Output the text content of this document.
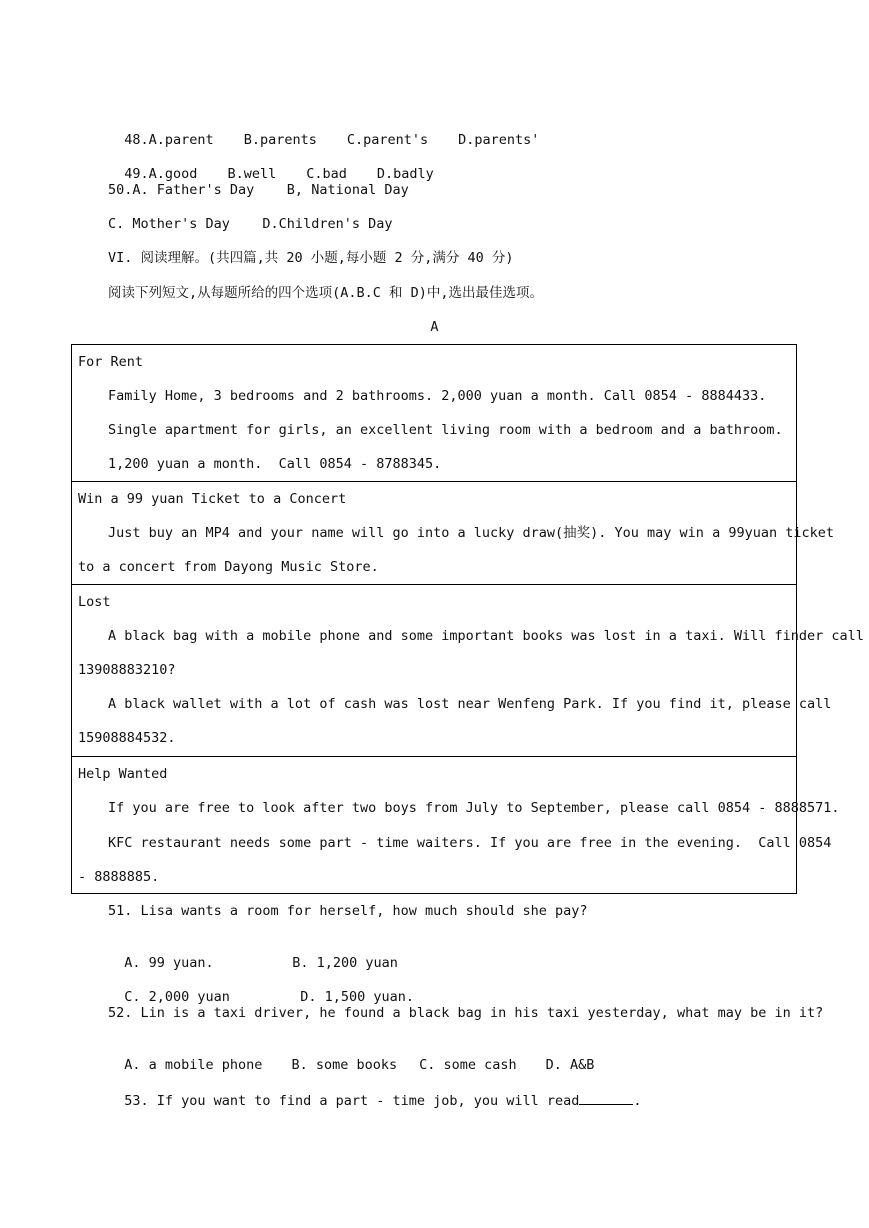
48.A.parent B.parents C.parent's D.parents'

49.A.good B.well C.bad D.badly

50.A. Father's Day    B, National Day
C. Mother's Day    D.Children's Day
VI. 阅读理解。(共四篇,共 20 小题,每小题 2 分,满分 40 分)
阅读下列短文,从每题所给的四个选项(A.B.C 和 D)中,选出最佳选项。
A
For Rent
Family Home, 3 bedrooms and 2 bathrooms. 2,000 yuan a month. Call 0854 - 8884433.
Single apartment for girls, an excellent living room with a bedroom and a bathroom.
1,200 yuan a month.  Call 0854 - 8788345.
Win a 99 yuan Ticket to a Concert
Just buy an MP4 and your name will go into a lucky draw(抽奖). You may win a 99yuan ticket
to a concert from Dayong Music Store.
Lost
A black bag with a mobile phone and some important books was lost in a taxi. Will finder call
13908883210?
A black wallet with a lot of cash was lost near Wenfeng Park. If you find it, please call
15908884532.
Help Wanted
If you are free to look after two boys from July to September, please call 0854 - 8888571.
KFC restaurant needs some part - time waiters. If you are free in the evening.  Call 0854
- 8888885.
51. Lisa wants a room for herself, how much should she pay?

A. 99 yuan.	B. 1,200 yuan

C. 2,000 yuan	D. 1,500 yuan.

52. Lin is a taxi driver, he found a black bag in his taxi yesterday, what may be in it?

A. a mobile phone B. some books C. some cash D. A&B

53. If you want to find a part - time job, you will read	.
